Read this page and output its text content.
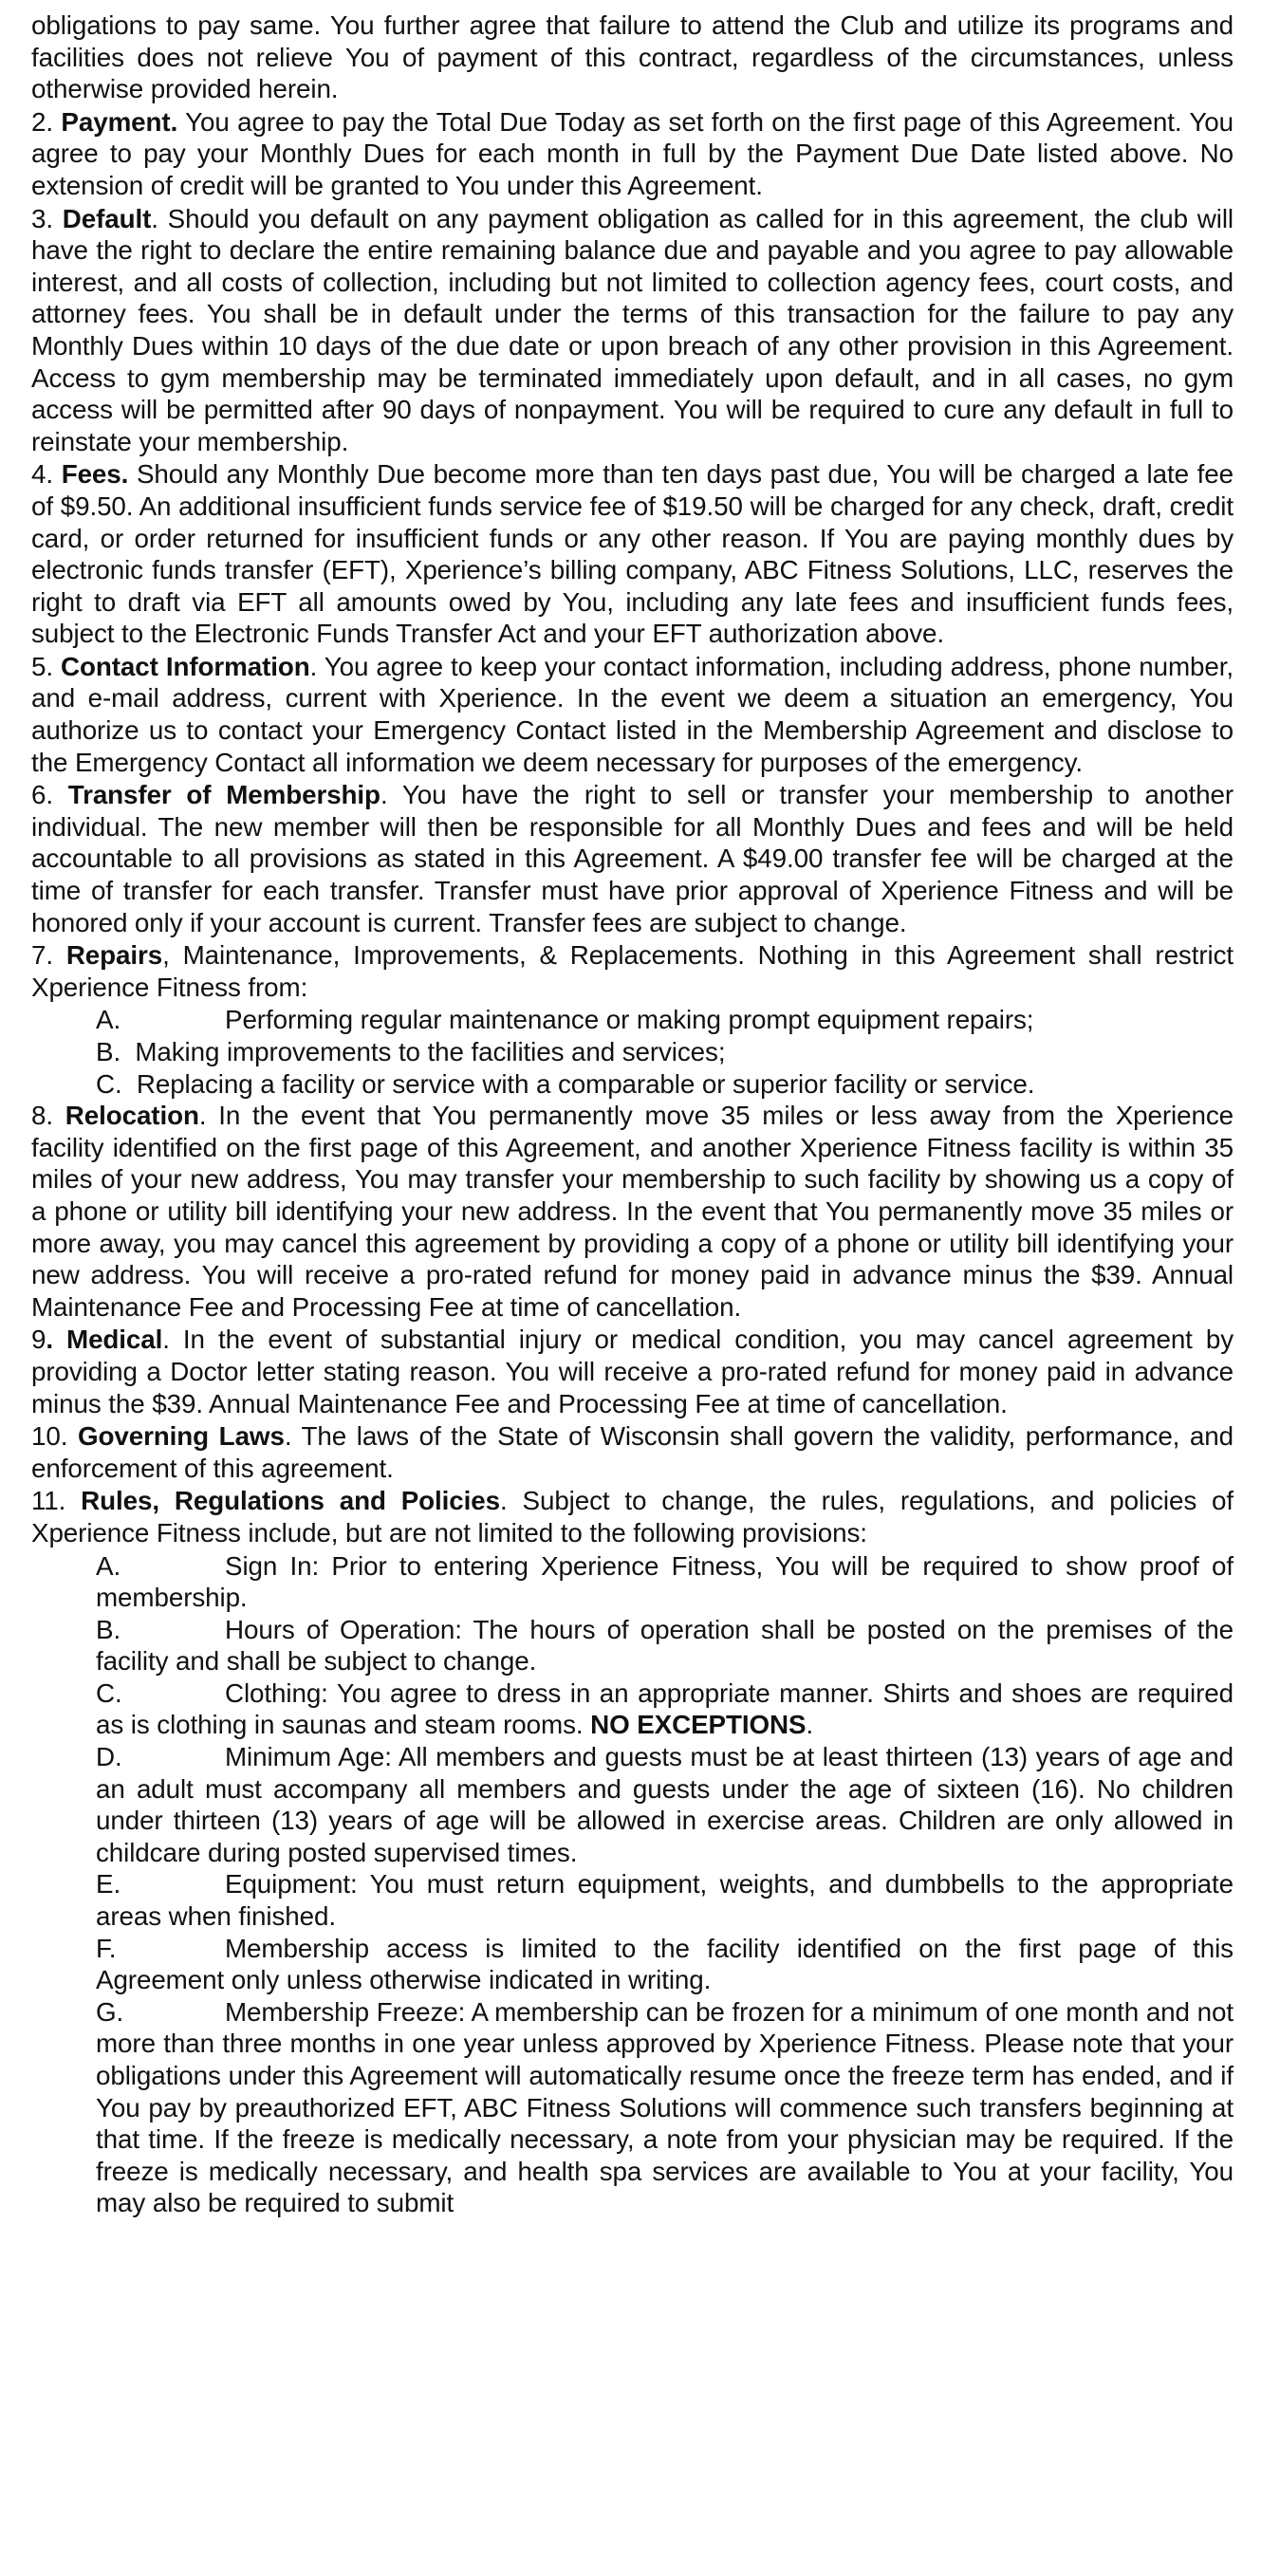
obligations to pay same. You further agree that failure to attend the Club and utilize its programs and facilities does not relieve You of payment of this contract, regardless of the circumstances, unless otherwise provided herein.

2. Payment. You agree to pay the Total Due Today as set forth on the first page of this Agreement. You agree to pay your Monthly Dues for each month in full by the Payment Due Date listed above. No extension of credit will be granted to You under this Agreement.

3. Default. Should you default on any payment obligation as called for in this agreement, the club will have the right to declare the entire remaining balance due and payable and you agree to pay allowable interest, and all costs of collection, including but not limited to collection agency fees, court costs, and attorney fees. You shall be in default under the terms of this transaction for the failure to pay any Monthly Dues within 10 days of the due date or upon breach of any other provision in this Agreement. Access to gym membership may be terminated immediately upon default, and in all cases, no gym access will be permitted after 90 days of nonpayment. You will be required to cure any default in full to reinstate your membership.

4. Fees. Should any Monthly Due become more than ten days past due, You will be charged a late fee of $9.50. An additional insufficient funds service fee of $19.50 will be charged for any check, draft, credit card, or order returned for insufficient funds or any other reason. If You are paying monthly dues by electronic funds transfer (EFT), Xperience’s billing company, ABC Fitness Solutions, LLC, reserves the right to draft via EFT all amounts owed by You, including any late fees and insufficient funds fees, subject to the Electronic Funds Transfer Act and your EFT authorization above.

5. Contact Information. You agree to keep your contact information, including address, phone number, and e-mail address, current with Xperience. In the event we deem a situation an emergency, You authorize us to contact your Emergency Contact listed in the Membership Agreement and disclose to the Emergency Contact all information we deem necessary for purposes of the emergency.

6. Transfer of Membership. You have the right to sell or transfer your membership to another individual. The new member will then be responsible for all Monthly Dues and fees and will be held accountable to all provisions as stated in this Agreement. A $49.00 transfer fee will be charged at the time of transfer for each transfer. Transfer must have prior approval of Xperience Fitness and will be honored only if your account is current. Transfer fees are subject to change.

7. Repairs, Maintenance, Improvements, & Replacements. Nothing in this Agreement shall restrict Xperience Fitness from:

A.	Performing regular maintenance or making prompt equipment repairs;

B. Making improvements to the facilities and services;

C. Replacing a facility or service with a comparable or superior facility or service.

8. Relocation. In the event that You permanently move 35 miles or less away from the Xperience facility identified on the first page of this Agreement, and another Xperience Fitness facility is within 35 miles of your new address, You may transfer your membership to such facility by showing us a copy of a phone or utility bill identifying your new address. In the event that You permanently move 35 miles or more away, you may cancel this agreement by providing a copy of a phone or utility bill identifying your new address. You will receive a pro-rated refund for money paid in advance minus the $39. Annual Maintenance Fee and Processing Fee at time of cancellation.

9. Medical. In the event of substantial injury or medical condition, you may cancel agreement by providing a Doctor letter stating reason. You will receive a pro-rated refund for money paid in advance minus the $39. Annual Maintenance Fee and Processing Fee at time of cancellation.

10. Governing Laws. The laws of the State of Wisconsin shall govern the validity, performance, and enforcement of this agreement.

11. Rules, Regulations and Policies. Subject to change, the rules, regulations, and policies of Xperience Fitness include, but are not limited to the following provisions:

A.	Sign In: Prior to entering Xperience Fitness, You will be required to show proof of membership.

B.	Hours of Operation: The hours of operation shall be posted on the premises of the facility and shall be subject to change.

C.	Clothing: You agree to dress in an appropriate manner. Shirts and shoes are required as is clothing in saunas and steam rooms. NO EXCEPTIONS.

D.	Minimum Age: All members and guests must be at least thirteen (13) years of age and an adult must accompany all members and guests under the age of sixteen (16). No children under thirteen (13) years of age will be allowed in exercise areas. Children are only allowed in childcare during posted supervised times.

E.	Equipment: You must return equipment, weights, and dumbbells to the appropriate areas when finished.

F.	Membership access is limited to the facility identified on the first page of this Agreement only unless otherwise indicated in writing.

G.	Membership Freeze: A membership can be frozen for a minimum of one month and not more than three months in one year unless approved by Xperience Fitness. Please note that your obligations under this Agreement will automatically resume once the freeze term has ended, and if You pay by preauthorized EFT, ABC Fitness Solutions will commence such transfers beginning at that time. If the freeze is medically necessary, a note from your physician may be required. If the freeze is medically necessary, and health spa services are available to You at your facility, You may also be required to submit
